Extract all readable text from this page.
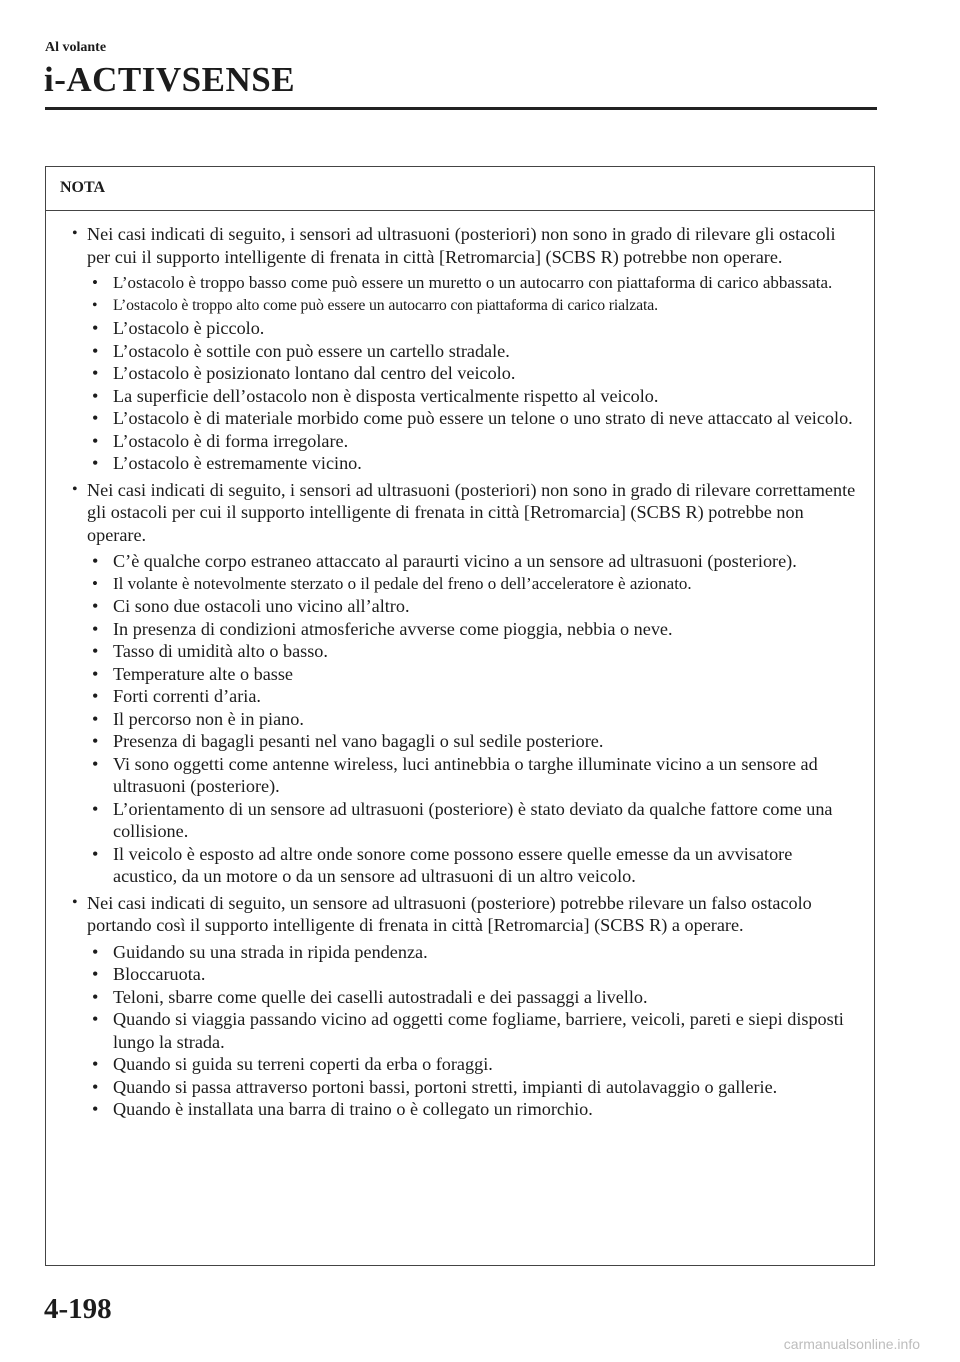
Al volante
i-ACTIVSENSE
NOTA
• Nei casi indicati di seguito, i sensori ad ultrasuoni (posteriori) non sono in grado di rilevare gli ostacoli per cui il supporto intelligente di frenata in città [Retromarcia] (SCBS R) potrebbe non operare.
• L’ostacolo è troppo basso come può essere un muretto o un autocarro con piattaforma di carico abbassata.
• L’ostacolo è troppo alto come può essere un autocarro con piattaforma di carico rialzata.
• L’ostacolo è piccolo.
• L’ostacolo è sottile con può essere un cartello stradale.
• L’ostacolo è posizionato lontano dal centro del veicolo.
• La superficie dell’ostacolo non è disposta verticalmente rispetto al veicolo.
• L’ostacolo è di materiale morbido come può essere un telone o uno strato di neve attaccato al veicolo.
• L’ostacolo è di forma irregolare.
• L’ostacolo è estremamente vicino.
• Nei casi indicati di seguito, i sensori ad ultrasuoni (posteriori) non sono in grado di rilevare correttamente gli ostacoli per cui il supporto intelligente di frenata in città [Retromarcia] (SCBS R) potrebbe non operare.
• C’è qualche corpo estraneo attaccato al paraurti vicino a un sensore ad ultrasuoni (posteriore).
• Il volante è notevolmente sterzato o il pedale del freno o dell’acceleratore è azionato.
• Ci sono due ostacoli uno vicino all’altro.
• In presenza di condizioni atmosferiche avverse come pioggia, nebbia o neve.
• Tasso di umidità alto o basso.
• Temperature alte o basse
• Forti correnti d’aria.
• Il percorso non è in piano.
• Presenza di bagagli pesanti nel vano bagagli o sul sedile posteriore.
• Vi sono oggetti come antenne wireless, luci antinebbia o targhe illuminate vicino a un sensore ad ultrasuoni (posteriore).
• L’orientamento di un sensore ad ultrasuoni (posteriore) è stato deviato da qualche fattore come una collisione.
• Il veicolo è esposto ad altre onde sonore come possono essere quelle emesse da un avvisatore acustico, da un motore o da un sensore ad ultrasuoni di un altro veicolo.
• Nei casi indicati di seguito, un sensore ad ultrasuoni (posteriore) potrebbe rilevare un falso ostacolo portando così il supporto intelligente di frenata in città [Retromarcia] (SCBS R) a operare.
• Guidando su una strada in ripida pendenza.
• Bloccaruota.
• Teloni, sbarre come quelle dei caselli autostradali e dei passaggi a livello.
• Quando si viaggia passando vicino ad oggetti come fogliame, barriere, veicoli, pareti e siepi disposti lungo la strada.
• Quando si guida su terreni coperti da erba o foraggi.
• Quando si passa attraverso portoni bassi, portoni stretti, impianti di autolavaggio o gallerie.
• Quando è installata una barra di traino o è collegato un rimorchio.
4-198
carmanualsonline.info
